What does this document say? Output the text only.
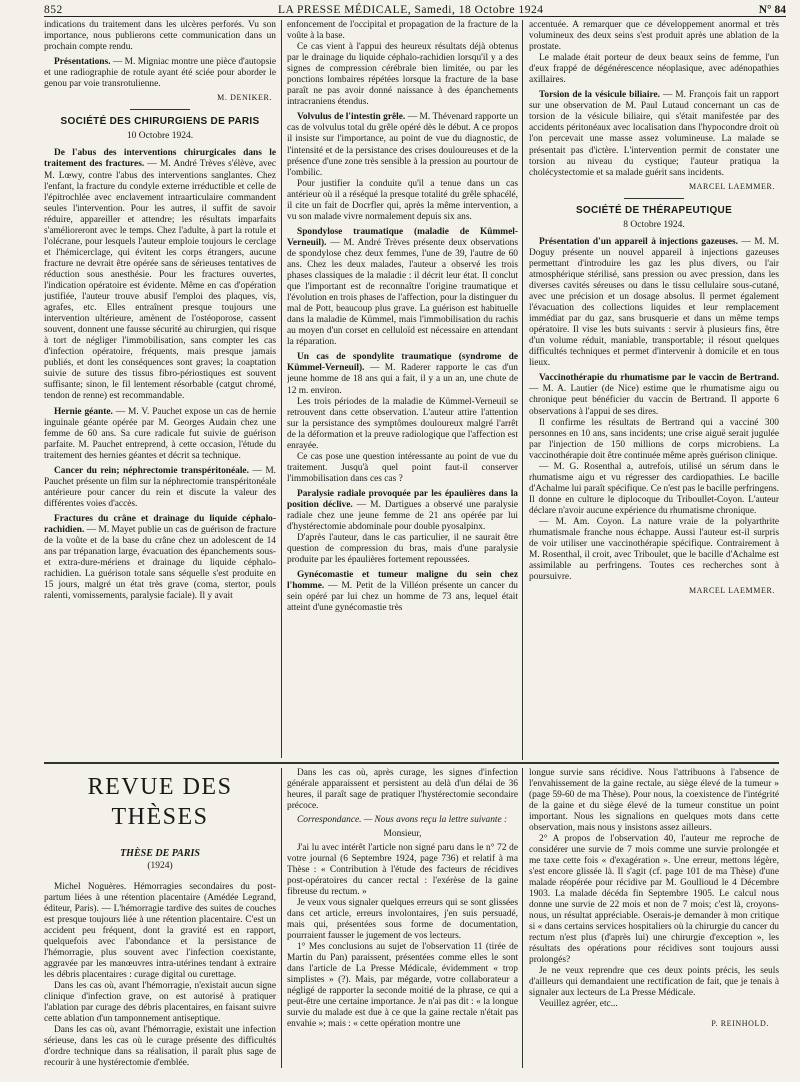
852	LA PRESSE MÉDICALE, Samedi, 18 Octobre 1924	N° 84

indications du traitement dans les ulcères perforés. Vu son importance, nous publierons cette communication dans un prochain compte rendu.

Présentations. — M. Migniac montre une pièce d'autopsie et une radiographie de rotule ayant été sciée pour aborder le genou par voie transrotulienne.

M. DENIKER.
SOCIÉTÉ DES CHIRURGIENS DE PARIS
10 Octobre 1924.

De l'abus des interventions chirurgicales dans le traitement des fractures. — M. André Trèves s'élève, avec M. Lœwy, contre l'abus des interventions sanglantes. Chez l'enfant, la fracture du condyle externe irréductible et celle de l'épitrochlée avec enclavement intraarticulaire commandent seules l'intervention. Pour les autres, il suffit de savoir réduire, appareiller et attendre; les résultats imparfaits s'amélioreront avec le temps. Chez l'adulte, à part la rotule et l'olécrane, pour lesquels l'auteur emploie toujours le cerclage et l'hémicerclage, qui évitent les corps étrangers, aucune fracture ne devrait être opérée sans de sérieuses tentatives de réduction sous anesthésie. Pour les fractures ouvertes, l'indication opératoire est évidente. Même en cas d'opération justifiée, l'auteur trouve abusif l'emploi des plaques, vis, agrafes, etc. Elles entraînent presque toujours une intervention ultérieure, amènent de l'ostéoporose, cassent souvent, donnent une fausse sécurité au chirurgien, qui risque à tort de négliger l'immobilisation, sans compter les cas d'infection opératoire, fréquents, mais presque jamais publiés, et dont les conséquences sont graves; la coaptation suivie de suture des tissus fibro-périostiques est souvent suffisante; sinon, le fil lentement résorbable (catgut chromé, tendon de renne) est recommandable.

Hernie géante. — M. V. Pauchet expose un cas de hernie inguinale géante opérée par M. Georges Audain chez une femme de 60 ans. Sa cure radicale fut suivie de guérison parfaite. M. Pauchet entreprend, à cette occasion, l'étude du traitement des hernies géantes et décrit sa technique.

Cancer du rein; néphrectomie transpéritonéale. — M. Pauchet présente un film sur la néphrectomie transpéritonéale antérieure pour cancer du rein et discute la valeur des différentes voies d'accès.

Fractures du crâne et drainage du liquide céphalo-rachidien. — M. Mayet publie un cas de guérison de fracture de la voûte et de la base du crâne chez un adolescent de 14 ans par trépanation large, évacuation des épanchements sous- et extra-dure-mériens et drainage du liquide céphalo-rachidien. La guérison totale sans séquelle s'est produite en 15 jours, malgré un état très grave (coma, stertor, pouls ralenti, vomissements, paralysie faciale). Il y avait

enfoncement de l'occipital et propagation de la fracture de la voûte à la base.

Ce cas vient à l'appui des heureux résultats déjà obtenus par le drainage du liquide céphalo-rachidien lorsqu'il y a des signes de compression cérébrale bien limitée, ou par les ponctions lombaires répétées lorsque la fracture de la base paraît ne pas avoir donné naissance à des épanchements intracraniens étendus.

Volvulus de l'intestin grêle. — M. Thévenard rapporte un cas de volvulus total du grêle opéré dès le début. A ce propos il insiste sur l'importance, au point de vue du diagnostic, de l'intensité et de la persistance des crises douloureuses et de la présence d'une zone très sensible à la pression au pourtour de l'ombilic.

Pour justifier la conduite qu'il a tenue dans un cas antérieur où il a réséqué la presque totalité du grêle sphacélé, il cite un fait de Docrfler qui, après la même intervention, a vu son malade vivre normalement depuis six ans.

Spondylose traumatique (maladie de Kümmel-Verneuil). — M. André Trèves présente deux observations de spondylose chez deux femmes, l'une de 39, l'autre de 60 ans. Chez les deux malades, l'auteur a observé les trois phases classiques de la maladie : il décrit leur état. Il conclut que l'important est de reconnaître l'origine traumatique et l'évolution en trois phases de l'affection, pour la distinguer du mal de Pott, beaucoup plus grave. La guérison est habituelle dans la maladie de Kümmel, mais l'immobilisation du rachis au moyen d'un corset en celluloïd est nécessaire en attendant la réparation.

Un cas de spondylite traumatique (syndrome de Kümmel-Verneuil). — M. Raderer rapporte le cas d'un jeune homme de 18 ans qui a fait, il y a un an, une chute de 12 m. environ.

Les trois périodes de la maladie de Kümmel-Verneuil se retrouvent dans cette observation. L'auteur attire l'attention sur la persistance des symptômes douloureux malgré l'arrêt de la déformation et la preuve radiologique que l'affection est enrayée.

Ce cas pose une question intéressante au point de vue du traitement. Jusqu'à quel point faut-il conserver l'immobilisation dans ces cas ?

Paralysie radiale provoquée par les épaulières dans la position déclive. — M. Dartigues a observé une paralysie radiale chez une jeune femme de 21 ans opérée par lui d'hystérectomie abdominale pour double pyosalpinx.

D'après l'auteur, dans le cas particulier, il ne saurait être question de compression du bras, mais d'une paralysie produite par les épaulières fortement repoussées.

Gynécomastie et tumeur maligne du sein chez l'homme. — M. Petit de la Villéon présente un cancer du sein opéré par lui chez un homme de 73 ans, lequel était atteint d'une gynécomastie très

accentuée. A remarquer que ce développement anormal et très volumineux des deux seins s'est produit après une ablation de la prostate.

Le malade était porteur de deux beaux seins de femme, l'un d'eux frappé de dégénérescence néoplasique, avec adénopathies axillaires.

Torsion de la vésicule biliaire. — M. François fait un rapport sur une observation de M. Paul Lutaud concernant un cas de torsion de la vésicule biliaire, qui s'était manifestée par des accidents péritonéaux avec localisation dans l'hypocondre droit où l'on percevait une masse assez volumineuse. La malade se présentait pas d'ictère. L'intervention permit de constater une torsion au niveau du cystique; l'auteur pratiqua la cholécystectomie et sa malade guérit sans incidents.

MARCEL LAEMMER.
SOCIÉTÉ DE THÉRAPEUTIQUE
8 Octobre 1924.

Présentation d'un appareil à injections gazeuses. — M. M. Doguy présente un nouvel appareil à injections gazeuses permettant d'introduire les gaz les plus divers, ou l'air atmosphérique stérilisé, sans pression ou avec pression, dans les diverses cavités séreuses ou dans le tissu cellulaire sous-cutané, avec une précision et un dosage absolus. Il permet également l'évacuation des collections liquides et leur remplacement immédiat par du gaz, sans brusquerie et dans un même temps opératoire. Il vise les buts suivants : servir à plusieurs fins, être d'un volume réduit, maniable, transportable; il résout quelques difficultés techniques et permet d'intervenir à domicile et en tous lieux.

Vaccinothérapie du rhumatisme par le vaccin de Bertrand. — M. A. Lautier (de Nice) estime que le rhumatisme aigu ou chronique peut bénéficier du vaccin de Bertrand. Il apporte 6 observations à l'appui de ses dires.

Il confirme les résultats de Bertrand qui a vacciné 300 personnes en 10 ans, sans incidents; une crise aiguë serait jugulée par l'injection de 150 millions de corps microbiens. La vaccinothérapie doit être continuée même après guérison clinique.

— M. G. Rosenthal a, autrefois, utilisé un sérum dans le rhumatisme aigu et vu régresser des cardiopathies. Le bacille d'Achalme lui paraît spécifique. Ce n'est pas le bacille perfringens. Il donne en culture le diplocoque du Triboullet-Coyon. L'auteur déclare n'avoir aucune expérience du rhumatisme chronique.

— M. Am. Coyon. La nature vraie de la polyarthrite rhumatismale franche nous échappe. Aussi l'auteur est-il surpris de voir utiliser une vaccinothérapie spécifique. Contrairement à M. Rosenthal, il croit, avec Triboulet, que le bacille d'Achalme est assimilable au perfringens. Toutes ces recherches sont à poursuivre.

MARCEL LAEMMER.
REVUE DES THÈSES
THÈSE DE PARIS
(1924)

Michel Noguères. Hémorragies secondaires du post-partum liées à une rétention placentaire (Amédée Legrand, éditeur, Paris). — L'hémorragie tardive des suites de couches est presque toujours liée à une rétention placentaire. C'est un accident peu fréquent, dont la gravité est en rapport, quelquefois avec l'abondance et la persistance de l'hémorragie, plus souvent avec l'infection coexistante, aggravée par les manœuvres intra-utérines tendant à extraire les débris placentaires : curage digital ou curettage.

Dans les cas où, avant l'hémorragie, n'existait aucun signe clinique d'infection grave, on est autorisé à pratiquer l'ablation par curage des débris placentaires, en faisant suivre cette ablation d'un tamponnement antiseptique.

Dans les cas où, avant l'hémorragie, existait une infection sérieuse, dans les cas où le curage présente des difficultés d'ordre technique dans sa réalisation, il paraît plus sage de recourir à une hystérectomie d'emblée.

Dans les cas où, après curage, les signes d'infection générale apparaissent et persistent au delà d'un délai de 36 heures, il paraît sage de pratiquer l'hystérectomie secondaire précoce.

Correspondance. — Nous avons reçu la lettre suivante :

Monsieur,

J'ai lu avec intérêt l'article non signé paru dans le n° 72 de votre journal (6 Septembre 1924, page 736) et relatif à ma Thèse : « Contribution à l'étude des facteurs de récidives post-opératoires du cancer rectal : l'exérèse de la gaine fibreuse du rectum. »

Je veux vous signaler quelques erreurs qui se sont glissées dans cet article, erreurs involontaires, j'en suis persuadé, mais qui, présentées sous forme de documentation, pourraient fausser le jugement de vos lecteurs.

1° Mes conclusions au sujet de l'observation 11 (tirée de Martin du Pan) paraissent, présentées comme elles le sont dans l'article de La Presse Médicale, évidemment « trop simplistes » (?). Mais, par mégarde, votre collaborateur a négligé de rapporter la seconde moitié de la phrase, ce qui a peut-être une certaine importance. Je n'ai pas dit : « la longue survie du malade est due à ce que la gaine rectale n'était pas envahie »; mais : « cette opération montre une

longue survie sans récidive. Nous l'attribuons à l'absence de l'envahissement de la gaine rectale, au siège élevé de la tumeur » (page 59-60 de ma Thèse). Pour nous, la coexistence de l'intégrité de la gaine et du siège élevé de la tumeur constitue un point important. Nous les signalions en quelques mots dans cette observation, mais nous y insistons assez ailleurs.

2° A propos de l'observation 40, l'auteur me reproche de considérer une survie de 7 mois comme une survie prolongée et me taxe cette fois « d'exagération ». Une erreur, mettons légère, s'est encore glissée là. Il s'agit (cf. page 101 de ma Thèse) d'une malade réopérée pour récidive par M. Goullioud le 4 Décembre 1903. La malade décéda fin Septembre 1905. Le calcul nous donne une survie de 22 mois et non de 7 mois; c'est là, croyons-nous, un résultat appréciable. Oserais-je demander à mon critique si « dans certains services hospitaliers où la chirurgie du cancer du rectum n'est plus (d'après lui) une chirurgie d'exception », les résultats des opérations pour récidives sont toujours aussi prolongés?

Je ne veux reprendre que ces deux points précis, les seuls d'ailleurs qui demandaient une rectification de fait, que je tenais à signaler aux lecteurs de La Presse Médicale.

Veuillez agréer, etc...

P. REINHOLD.
